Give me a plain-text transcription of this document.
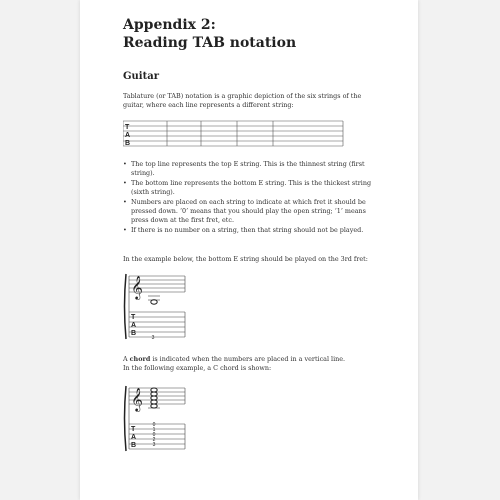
Appendix 2:
Reading TAB notation
Guitar

Tablature (or TAB) notation is a graphic depiction of the six strings of the guitar, where each line represents a different string:

T
A
B
• The top line represents the top E string. This is the thinnest string (first string).
• The bottom line represents the bottom E string. This is the thickest string (sixth string).
• Numbers are placed on each string to indicate at which fret it should be pressed down. ‘0’ means that you should play the open string; ‘1’ means press down at the first fret, etc.
• If there is no number on a string, then that string should not be played.

In the example below, the bottom E string should be played on the 3rd fret:

𝄞
T
A
B
3

A chord is indicated when the numbers are placed in a vertical line.
In the following example, a C chord is shown:

𝄞
T
A
B
0
1
0
2
3
